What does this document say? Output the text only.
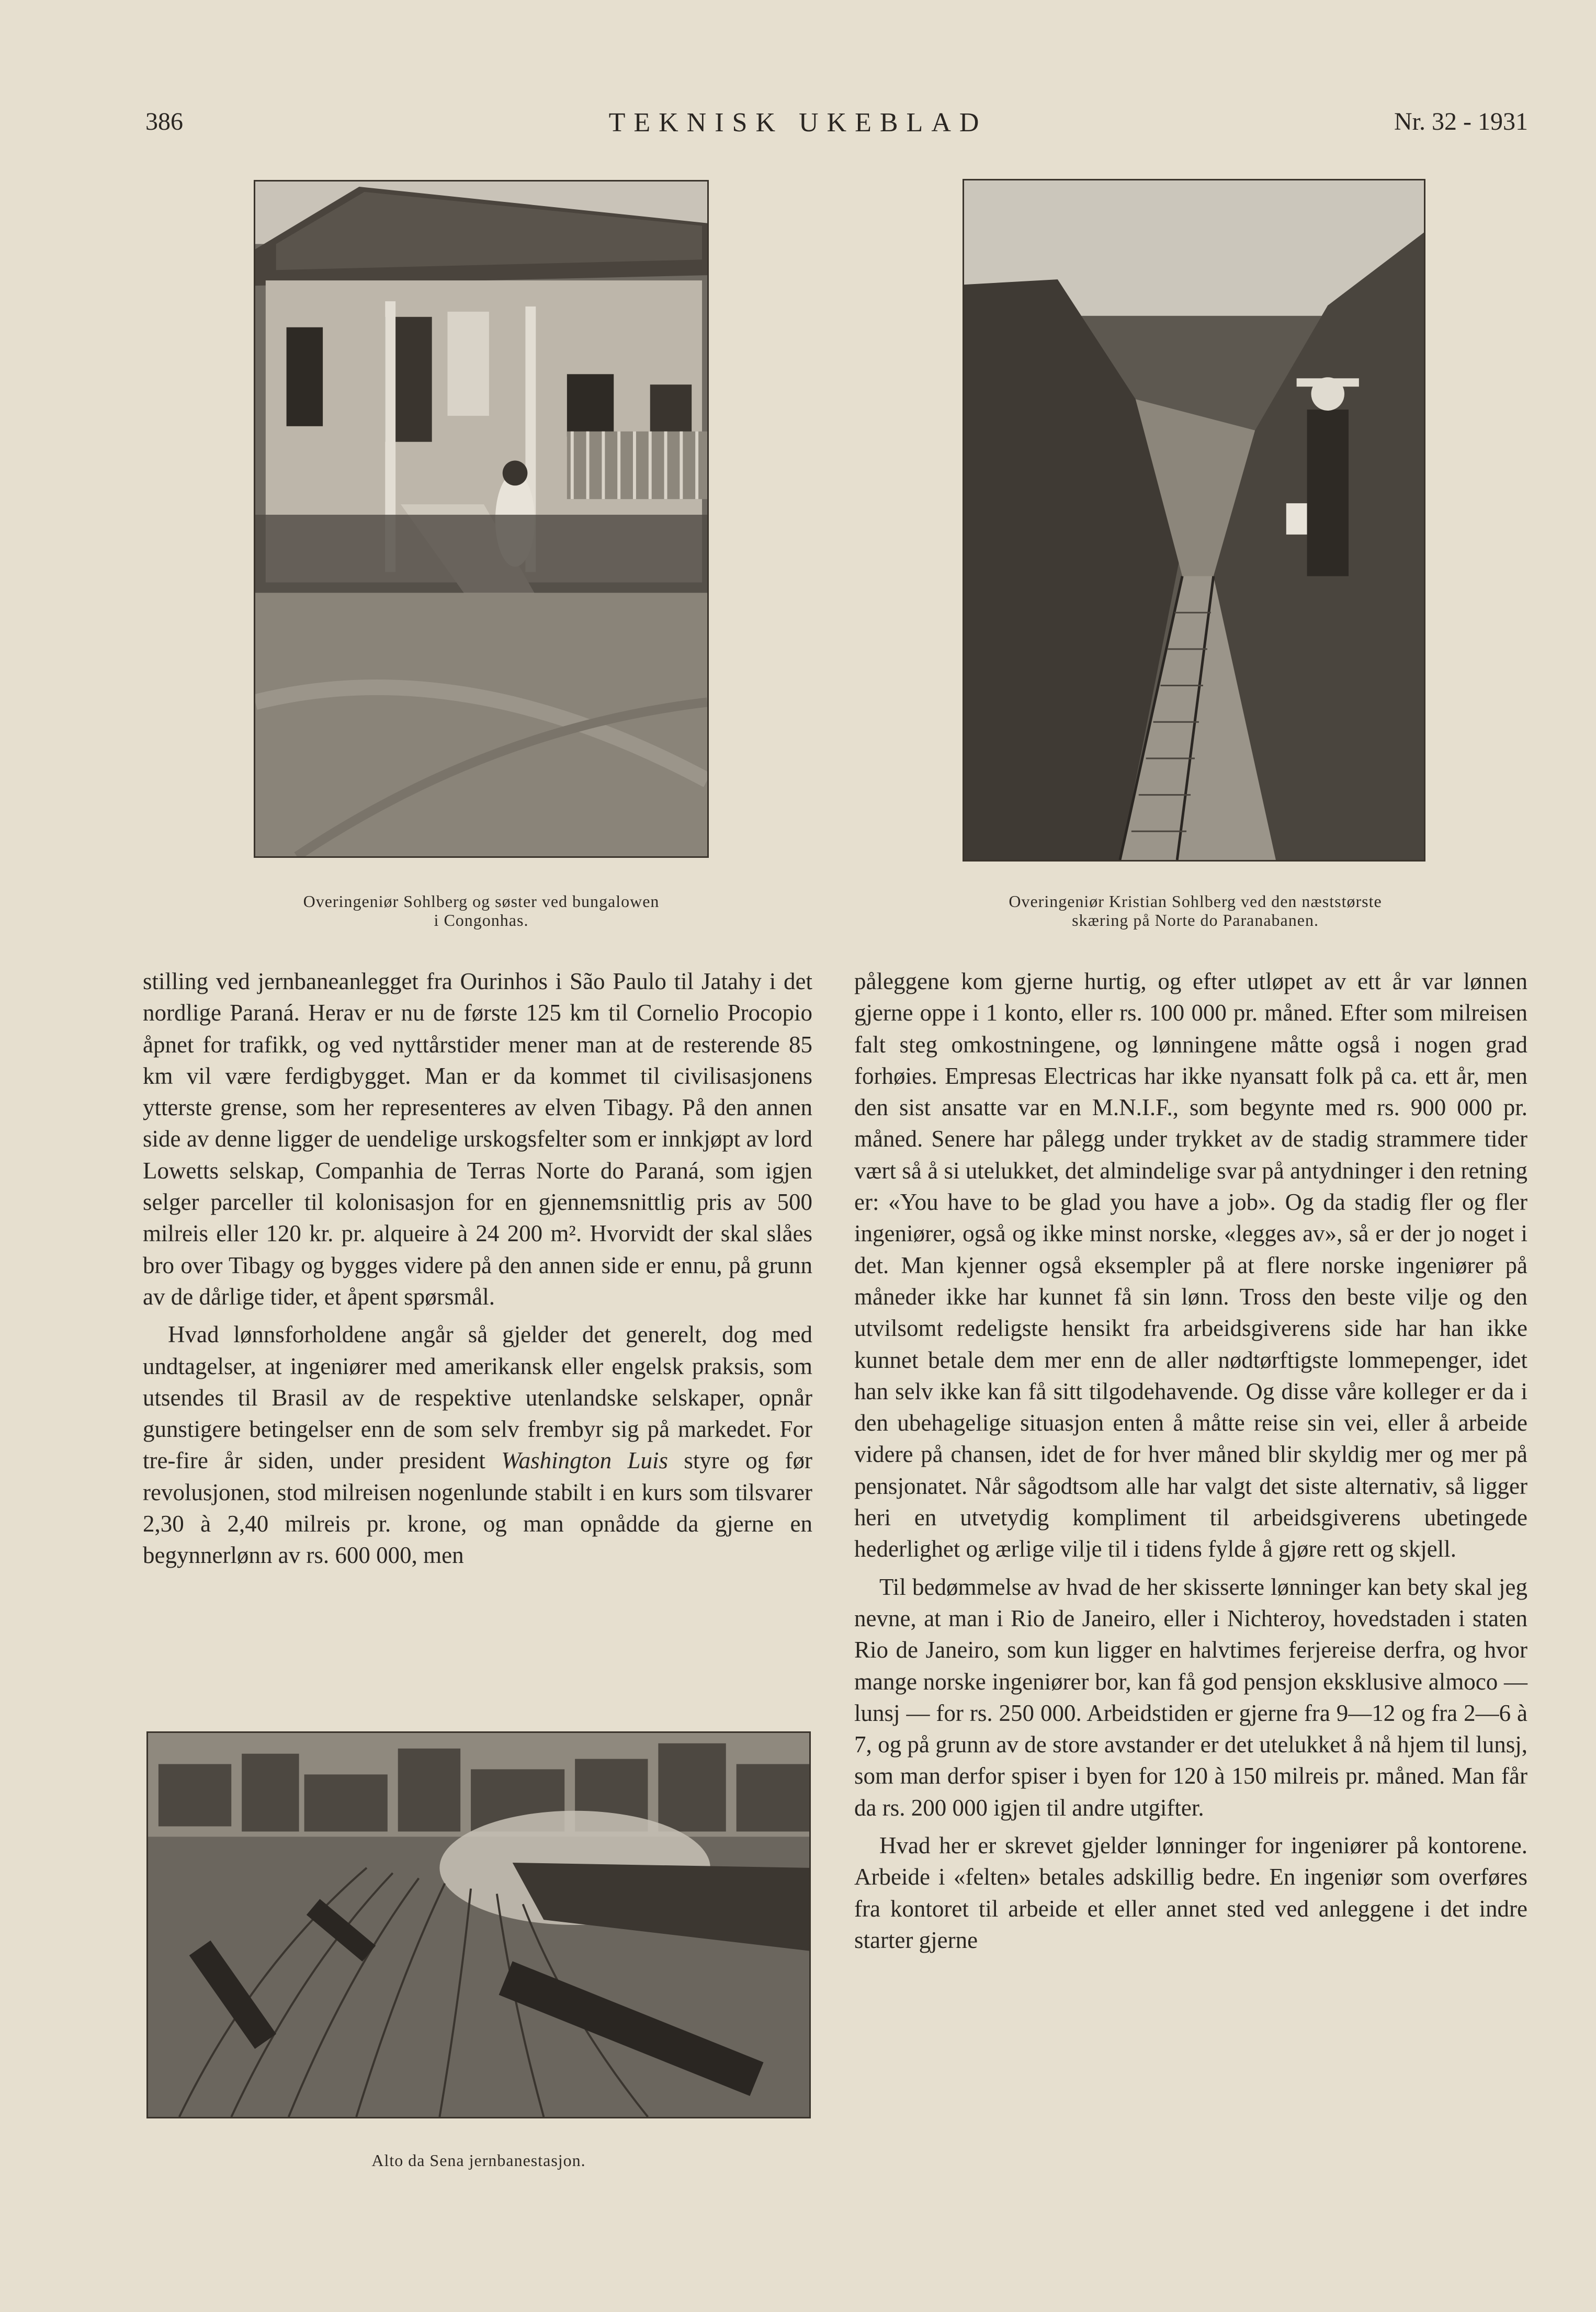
386	TEKNISK UKEBLAD	Nr. 32 - 1931
Overingeniør Sohlberg og søster ved bungalowen
i Congonhas.
Overingeniør Kristian Sohlberg ved den næststørste
skæring på Norte do Paranabanen.

stilling ved jernbaneanlegget fra Ourinhos i São Paulo til Jatahy i det nordlige Paraná. Herav er nu de første 125 km til Cornelio Procopio åpnet for trafikk, og ved nyttårstider mener man at de resterende 85 km vil være ferdigbygget. Man er da kommet til civilisasjonens ytterste grense, som her representeres av elven Tibagy. På den annen side av denne ligger de uendelige urskogsfelter som er innkjøpt av lord Lowetts selskap, Companhia de Terras Norte do Paraná, som igjen selger parceller til kolonisasjon for en gjennemsnittlig pris av 500 milreis eller 120 kr. pr. alqueire à 24 200 m². Hvorvidt der skal slåes bro over Tibagy og bygges videre på den annen side er ennu, på grunn av de dårlige tider, et åpent spørsmål.

Hvad lønnsforholdene angår så gjelder det generelt, dog med undtagelser, at ingeniører med amerikansk eller engelsk praksis, som utsendes til Brasil av de respektive utenlandske selskaper, opnår gunstigere betingelser enn de som selv frembyr sig på markedet. For tre-fire år siden, under president Washington Luis styre og før revolusjonen, stod milreisen nogenlunde stabilt i en kurs som tilsvarer 2,30 à 2,40 milreis pr. krone, og man opnådde da gjerne en begynnerlønn av rs. 600 000, men

Alto da Sena jernbanestasjon.

påleggene kom gjerne hurtig, og efter utløpet av ett år var lønnen gjerne oppe i 1 konto, eller rs. 100 000 pr. måned. Efter som milreisen falt steg omkostningene, og lønningene måtte også i nogen grad forhøies. Empresas Electricas har ikke nyansatt folk på ca. ett år, men den sist ansatte var en M.N.I.F., som begynte med rs. 900 000 pr. måned. Senere har pålegg under trykket av de stadig strammere tider vært så å si utelukket, det almindelige svar på antydninger i den retning er: «You have to be glad you have a job». Og da stadig fler og fler ingeniører, også og ikke minst norske, «legges av», så er der jo noget i det. Man kjenner også eksempler på at flere norske ingeniører på måneder ikke har kunnet få sin lønn. Tross den beste vilje og den utvilsomt redeligste hensikt fra arbeidsgiverens side har han ikke kunnet betale dem mer enn de aller nødtørftigste lommepenger, idet han selv ikke kan få sitt tilgodehavende. Og disse våre kolleger er da i den ubehagelige situasjon enten å måtte reise sin vei, eller å arbeide videre på chansen, idet de for hver måned blir skyldig mer og mer på pensjonatet. Når sågodtsom alle har valgt det siste alternativ, så ligger heri en utvetydig kompliment til arbeidsgiverens ubetingede hederlighet og ærlige vilje til i tidens fylde å gjøre rett og skjell.

Til bedømmelse av hvad de her skisserte lønninger kan bety skal jeg nevne, at man i Rio de Janeiro, eller i Nichteroy, hovedstaden i staten Rio de Janeiro, som kun ligger en halvtimes ferjereise derfra, og hvor mange norske ingeniører bor, kan få god pensjon eksklusive almoco — lunsj — for rs. 250 000. Arbeidstiden er gjerne fra 9—12 og fra 2—6 à 7, og på grunn av de store avstander er det utelukket å nå hjem til lunsj, som man derfor spiser i byen for 120 à 150 milreis pr. måned. Man får da rs. 200 000 igjen til andre utgifter.

Hvad her er skrevet gjelder lønninger for ingeniører på kontorene. Arbeide i «felten» betales adskillig bedre. En ingeniør som overføres fra kontoret til arbeide et eller annet sted ved anleggene i det indre starter gjerne
